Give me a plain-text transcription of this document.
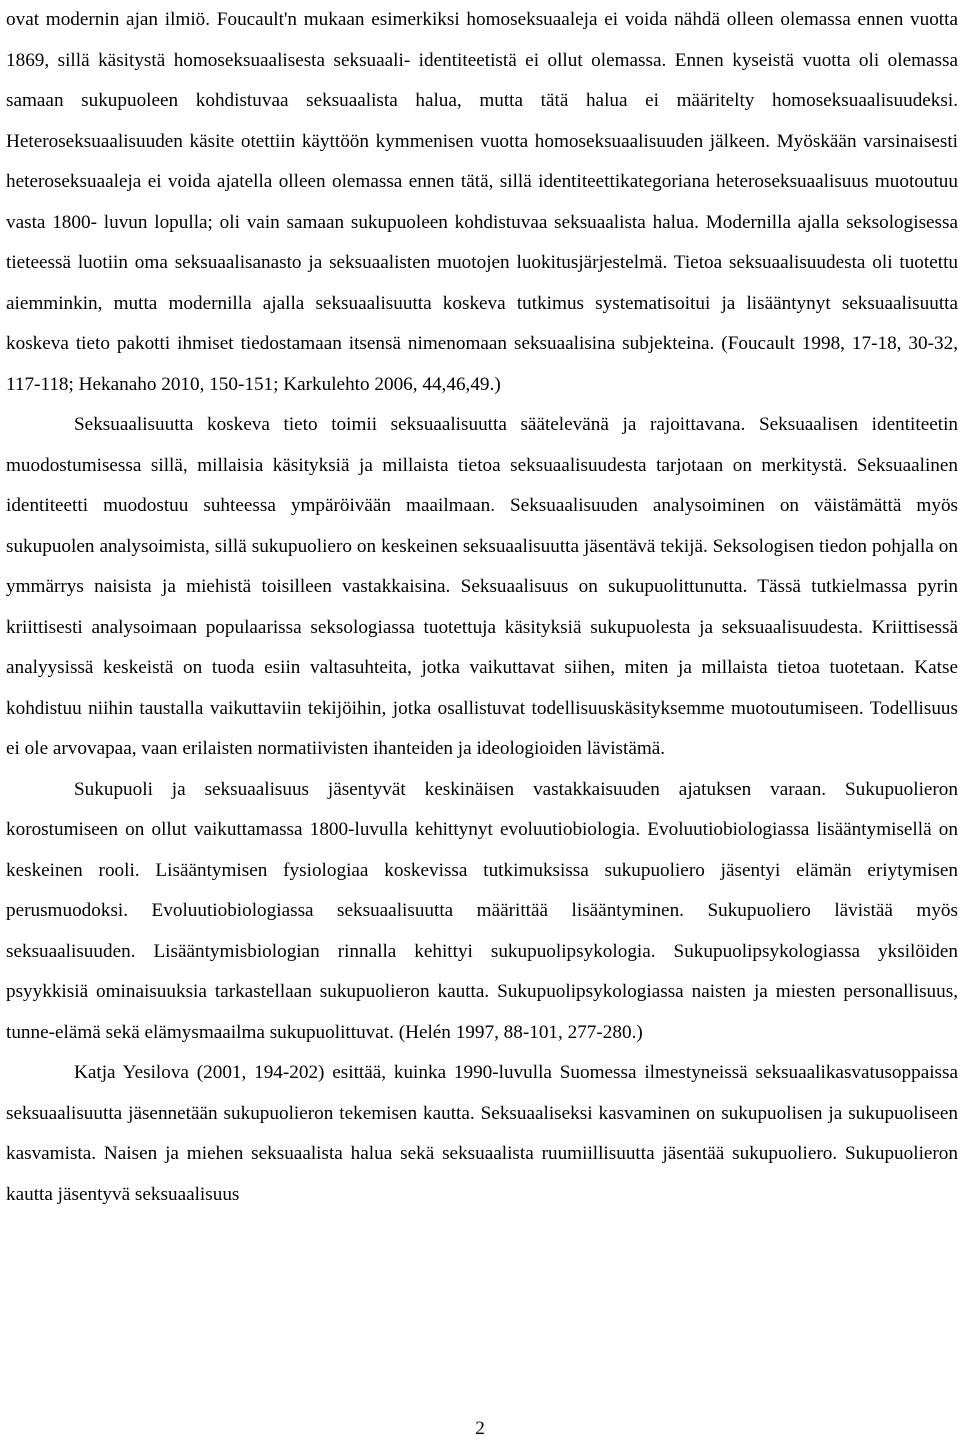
ovat modernin ajan ilmiö. Foucault'n mukaan esimerkiksi homoseksuaaleja ei voida nähdä olleen olemassa ennen vuotta 1869, sillä käsitystä homoseksuaalisesta seksuaali- identiteetistä ei ollut olemassa. Ennen kyseistä vuotta oli olemassa samaan sukupuoleen kohdistuvaa seksuaalista halua, mutta tätä halua ei määritelty homoseksuaalisuudeksi. Heteroseksuaalisuuden käsite otettiin käyttöön kymmenisen vuotta homoseksuaalisuuden jälkeen. Myöskään varsinaisesti heteroseksuaaleja ei voida ajatella olleen olemassa ennen tätä, sillä identiteettikategoriana heteroseksuaalisuus muotoutuu vasta 1800- luvun lopulla; oli vain samaan sukupuoleen kohdistuvaa seksuaalista halua. Modernilla ajalla seksologisessa tieteessä luotiin oma seksuaalisanasto ja seksuaalisten muotojen luokitusjärjestelmä. Tietoa seksuaalisuudesta oli tuotettu aiemminkin, mutta modernilla ajalla seksuaalisuutta koskeva tutkimus systematisoitui ja lisääntynyt seksuaalisuutta koskeva tieto pakotti ihmiset tiedostamaan itsensä nimenomaan seksuaalisina subjekteina. (Foucault 1998, 17-18, 30-32, 117-118; Hekanaho 2010, 150-151; Karkulehto 2006, 44,46,49.)

Seksuaalisuutta koskeva tieto toimii seksuaalisuutta säätelevänä ja rajoittavana. Seksuaalisen identiteetin muodostumisessa sillä, millaisia käsityksiä ja millaista tietoa seksuaalisuudesta tarjotaan on merkitystä. Seksuaalinen identiteetti muodostuu suhteessa ympäröivään maailmaan. Seksuaalisuuden analysoiminen on väistämättä myös sukupuolen analysoimista, sillä sukupuoliero on keskeinen seksuaalisuutta jäsentävä tekijä. Seksologisen tiedon pohjalla on ymmärrys naisista ja miehistä toisilleen vastakkaisina. Seksuaalisuus on sukupuolittunutta. Tässä tutkielmassa pyrin kriittisesti analysoimaan populaarissa seksologiassa tuotettuja käsityksiä sukupuolesta ja seksuaalisuudesta. Kriittisessä analyysissä keskeistä on tuoda esiin valtasuhteita, jotka vaikuttavat siihen, miten ja millaista tietoa tuotetaan. Katse kohdistuu niihin taustalla vaikuttaviin tekijöihin, jotka osallistuvat todellisuuskäsityksemme muotoutumiseen. Todellisuus ei ole arvovapaa, vaan erilaisten normatiivisten ihanteiden ja ideologioiden lävistämä.

Sukupuoli ja seksuaalisuus jäsentyvät keskinäisen vastakkaisuuden ajatuksen varaan. Sukupuolieron korostumiseen on ollut vaikuttamassa 1800-luvulla kehittynyt evoluutiobiologia. Evoluutiobiologiassa lisääntymisellä on keskeinen rooli. Lisääntymisen fysiologiaa koskevissa tutkimuksissa sukupuoliero jäsentyi elämän eriytymisen perusmuodoksi. Evoluutiobiologiassa seksuaalisuutta määrittää lisääntyminen. Sukupuoliero lävistää myös seksuaalisuuden. Lisääntymisbiologian rinnalla kehittyi sukupuolipsykologia. Sukupuolipsykologiassa yksilöiden psyykkisiä ominaisuuksia tarkastellaan sukupuolieron kautta. Sukupuolipsykologiassa naisten ja miesten personallisuus, tunne-elämä sekä elämysmaailma sukupuolittuvat. (Helén 1997, 88-101, 277-280.)

Katja Yesilova (2001, 194-202) esittää, kuinka 1990-luvulla Suomessa ilmestyneissä seksuaalikasvatusoppaissa seksuaalisuutta jäsennetään sukupuolieron tekemisen kautta. Seksuaaliseksi kasvaminen on sukupuolisen ja sukupuoliseen kasvamista. Naisen ja miehen seksuaalista halua sekä seksuaalista ruumiillisuutta jäsentää sukupuoliero. Sukupuolieron kautta jäsentyvä seksuaalisuus

2
